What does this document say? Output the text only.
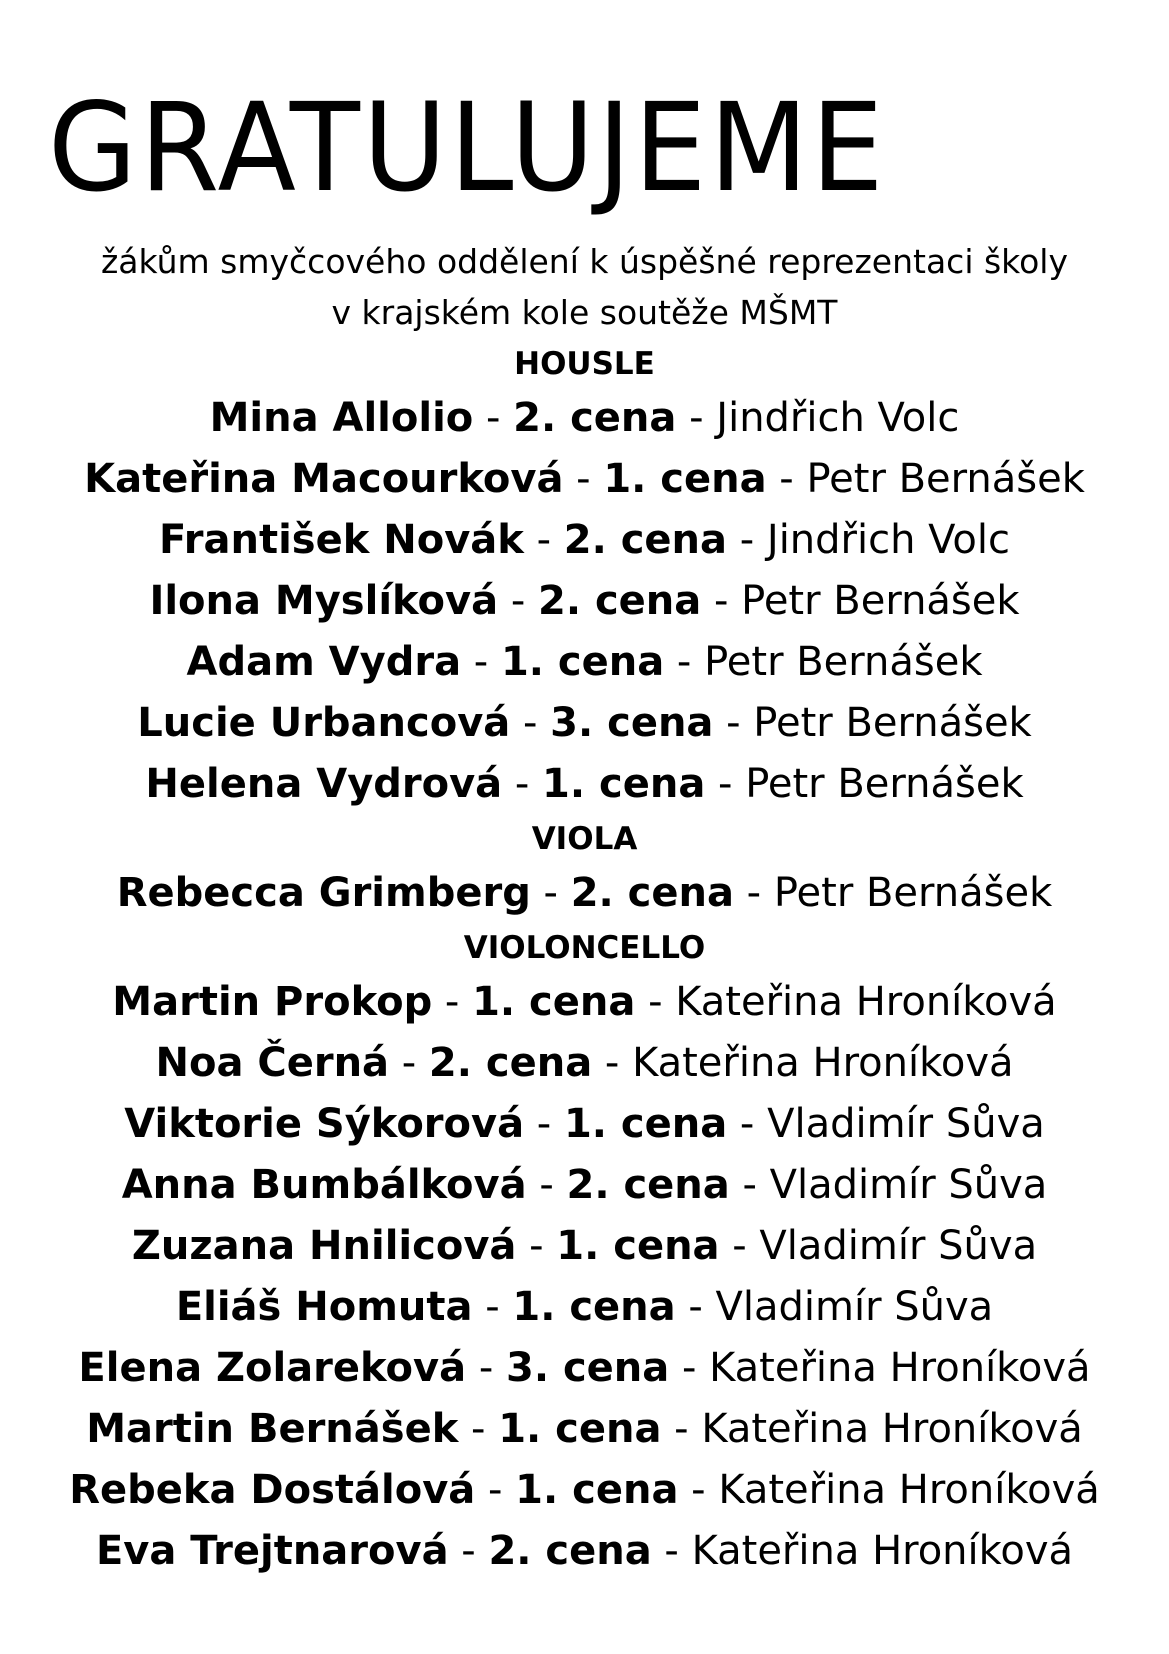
GRATULUJEME
žákům smyčcového oddělení k úspěšné reprezentaci školy
v krajském kole soutěže MŠMT
HOUSLE
Mina Allolio - 2. cena - Jindřich Volc
Kateřina Macourková - 1. cena - Petr Bernášek
František Novák - 2. cena - Jindřich Volc
Ilona Myslíková - 2. cena - Petr Bernášek
Adam Vydra - 1. cena - Petr Bernášek
Lucie Urbancová - 3. cena - Petr Bernášek
Helena Vydrová - 1. cena - Petr Bernášek
VIOLA
Rebecca Grimberg - 2. cena - Petr Bernášek
VIOLONCELLO
Martin Prokop - 1. cena - Kateřina Hroníková
Noa Černá - 2. cena - Kateřina Hroníková
Viktorie Sýkorová - 1. cena - Vladimír Sůva
Anna Bumbálková - 2. cena - Vladimír Sůva
Zuzana Hnilicová - 1. cena - Vladimír Sůva
Eliáš Homuta - 1. cena - Vladimír Sůva
Elena Zolareková - 3. cena - Kateřina Hroníková
Martin Bernášek - 1. cena - Kateřina Hroníková
Rebeka Dostálová - 1. cena - Kateřina Hroníková
Eva Trejtnarová - 2. cena - Kateřina Hroníková
